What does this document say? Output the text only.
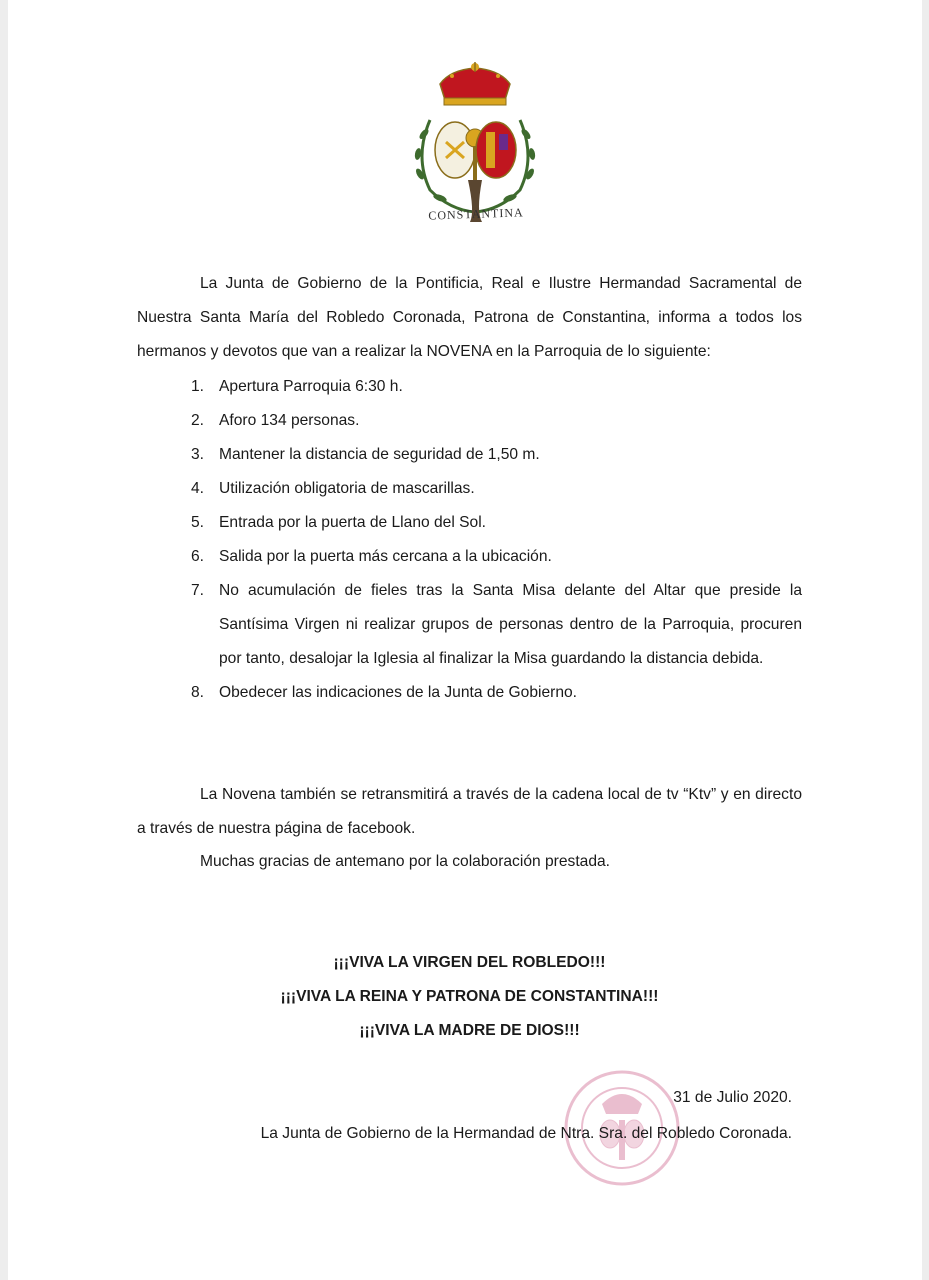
CONSTANTINA

La Junta de Gobierno de la Pontificia, Real e Ilustre Hermandad Sacramental de Nuestra Santa María del Robledo Coronada, Patrona de Constantina, informa a todos los hermanos y devotos que van a realizar la NOVENA en la Parroquia de lo siguiente:

1. Apertura Parroquia 6:30 h.
2. Aforo 134 personas.
3. Mantener la distancia de seguridad de 1,50 m.
4. Utilización obligatoria de mascarillas.
5. Entrada por la puerta de Llano del Sol.
6. Salida por la puerta más cercana a la ubicación.
7. No acumulación de fieles tras la Santa Misa delante del Altar que preside la Santísima Virgen ni realizar grupos de personas dentro de la Parroquia, procuren por tanto, desalojar la Iglesia al finalizar la Misa guardando la distancia debida.
8. Obedecer las indicaciones de la Junta de Gobierno.

La Novena también se retransmitirá a través de la cadena local de tv “Ktv” y en directo a través de nuestra página de facebook.

Muchas gracias de antemano por la colaboración prestada.

¡¡¡VIVA LA VIRGEN DEL ROBLEDO!!!
¡¡¡VIVA LA REINA Y PATRONA DE CONSTANTINA!!!
¡¡¡VIVA LA MADRE DE DIOS!!!
31 de Julio 2020.
La Junta de Gobierno de la Hermandad de Ntra. Sra. del Robledo Coronada.
